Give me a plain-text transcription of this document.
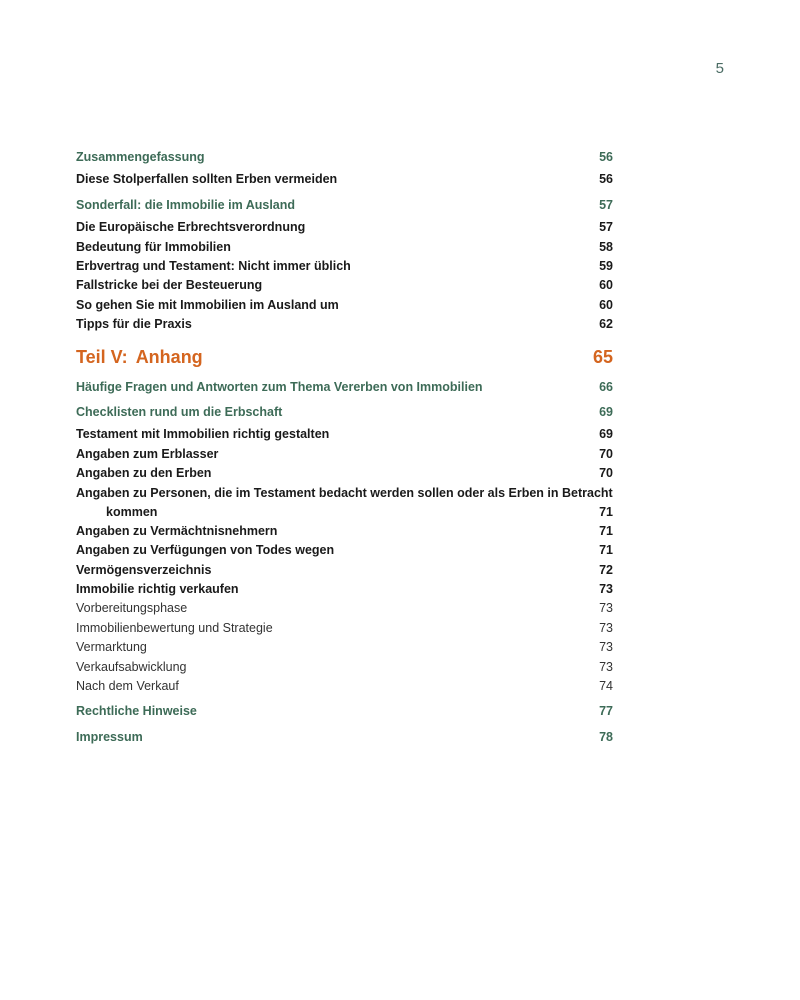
5
Zusammengefassung	56
Diese Stolperfallen sollten Erben vermeiden	56
Sonderfall: die Immobilie im Ausland	57
Die Europäische Erbrechtsverordnung	57
Bedeutung für Immobilien	58
Erbvertrag und Testament: Nicht immer üblich	59
Fallstricke bei der Besteuerung	60
So gehen Sie mit Immobilien im Ausland um	60
Tipps für die Praxis	62
Teil V: Anhang	65
Häufige Fragen und Antworten zum Thema Vererben von Immobilien	66
Checklisten rund um die Erbschaft	69
Testament mit Immobilien richtig gestalten	69
Angaben zum Erblasser	70
Angaben zu den Erben	70
Angaben zu Personen, die im Testament bedacht werden sollen oder als Erben in Betracht
kommen	71
Angaben zu Vermächtnisnehmern	71
Angaben zu Verfügungen von Todes wegen	71
Vermögensverzeichnis	72
Immobilie richtig verkaufen	73
Vorbereitungsphase	73
Immobilienbewertung und Strategie	73
Vermarktung	73
Verkaufsabwicklung	73
Nach dem Verkauf	74
Rechtliche Hinweise	77
Impressum	78
